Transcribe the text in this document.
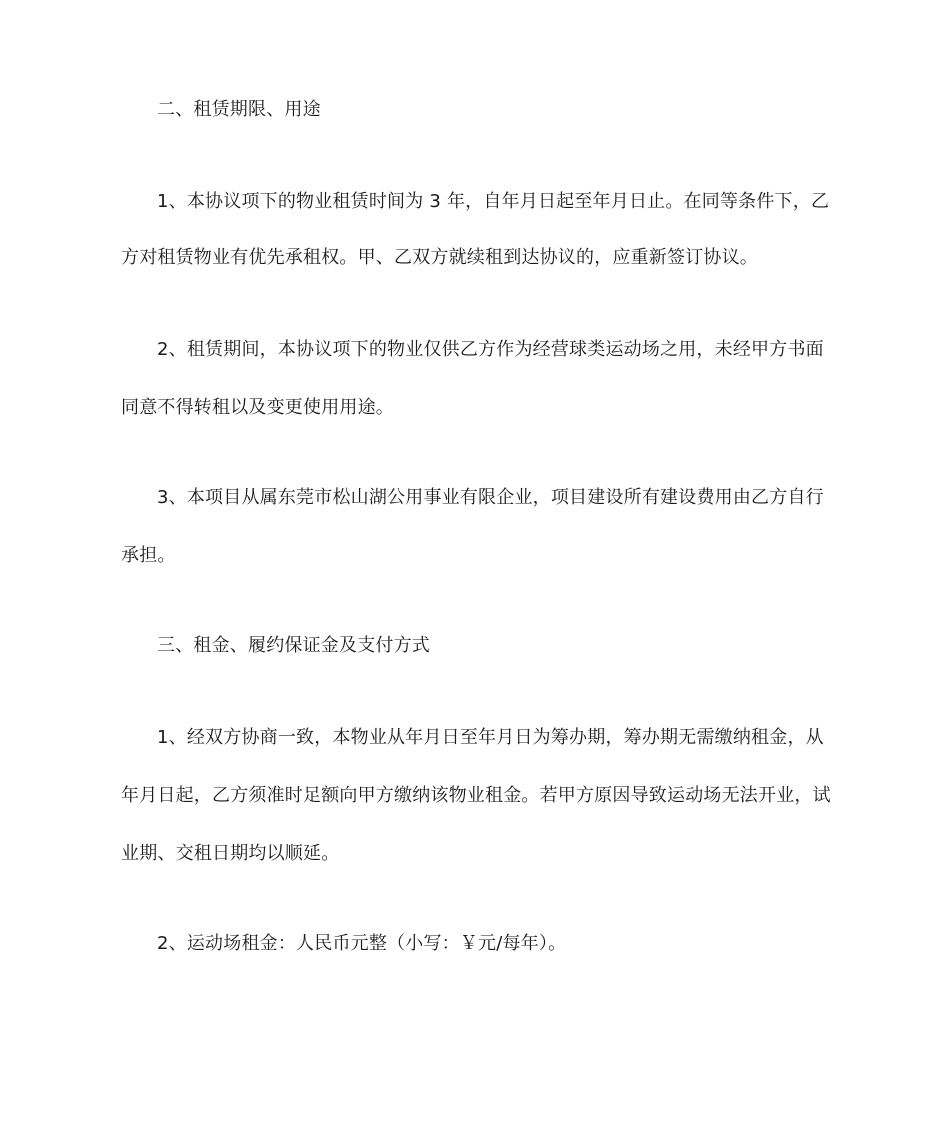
二、租赁期限、用途
1、本协议项下的物业租赁时间为 3 年，自年月日起至年月日止。在同等条件下，乙
方对租赁物业有优先承租权。甲、乙双方就续租到达协议的，应重新签订协议。
2、租赁期间，本协议项下的物业仅供乙方作为经营球类运动场之用，未经甲方书面
同意不得转租以及变更使用用途。
3、本项目从属东莞市松山湖公用事业有限企业，项目建设所有建设费用由乙方自行
承担。
三、租金、履约保证金及支付方式
1、经双方协商一致，本物业从年月日至年月日为筹办期，筹办期无需缴纳租金，从
年月日起，乙方须准时足额向甲方缴纳该物业租金。若甲方原因导致运动场无法开业，试
业期、交租日期均以顺延。
2、运动场租金：人民币元整（小写：￥元/每年）。
